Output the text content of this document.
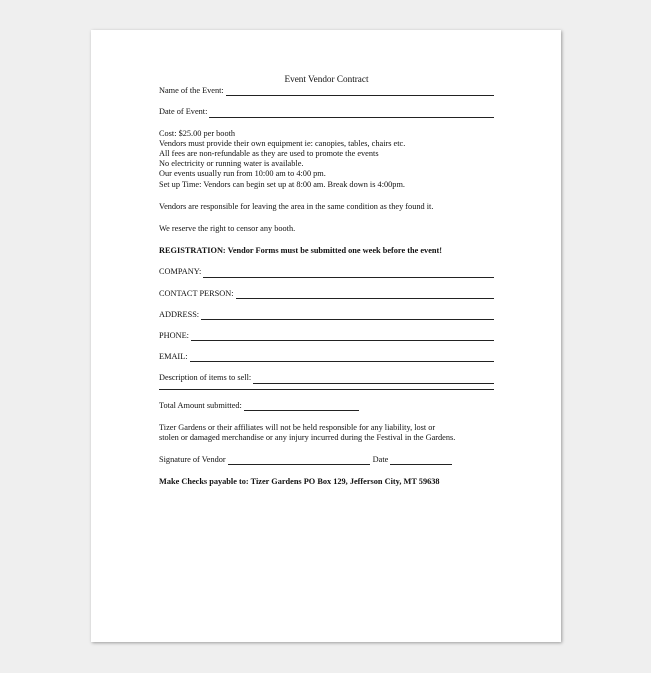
Event Vendor Contract
Name of the Event:
Date of Event:

Cost: $25.00 per booth

Vendors must provide their own equipment ie: canopies, tables, chairs etc.

All fees are non-refundable as they are used to promote the events

No electricity or running water is available.

Our events usually run from 10:00 am to 4:00 pm.

Set up Time: Vendors can begin set up at 8:00 am. Break down is 4:00pm.

Vendors are responsible for leaving the area in the same condition as they found it.

We reserve the right to censor any booth.

REGISTRATION: Vendor Forms must be submitted one week before the event!

COMPANY:
CONTACT PERSON:
ADDRESS:
PHONE:
EMAIL:
Description of items to sell:
Total Amount submitted:

Tizer Gardens or their affiliates will not be held responsible for any liability, lost or

stolen or damaged merchandise or any injury incurred during the Festival in the Gardens.

Signature of Vendor	Date

Make Checks payable to: Tizer Gardens PO Box 129, Jefferson City, MT 59638
